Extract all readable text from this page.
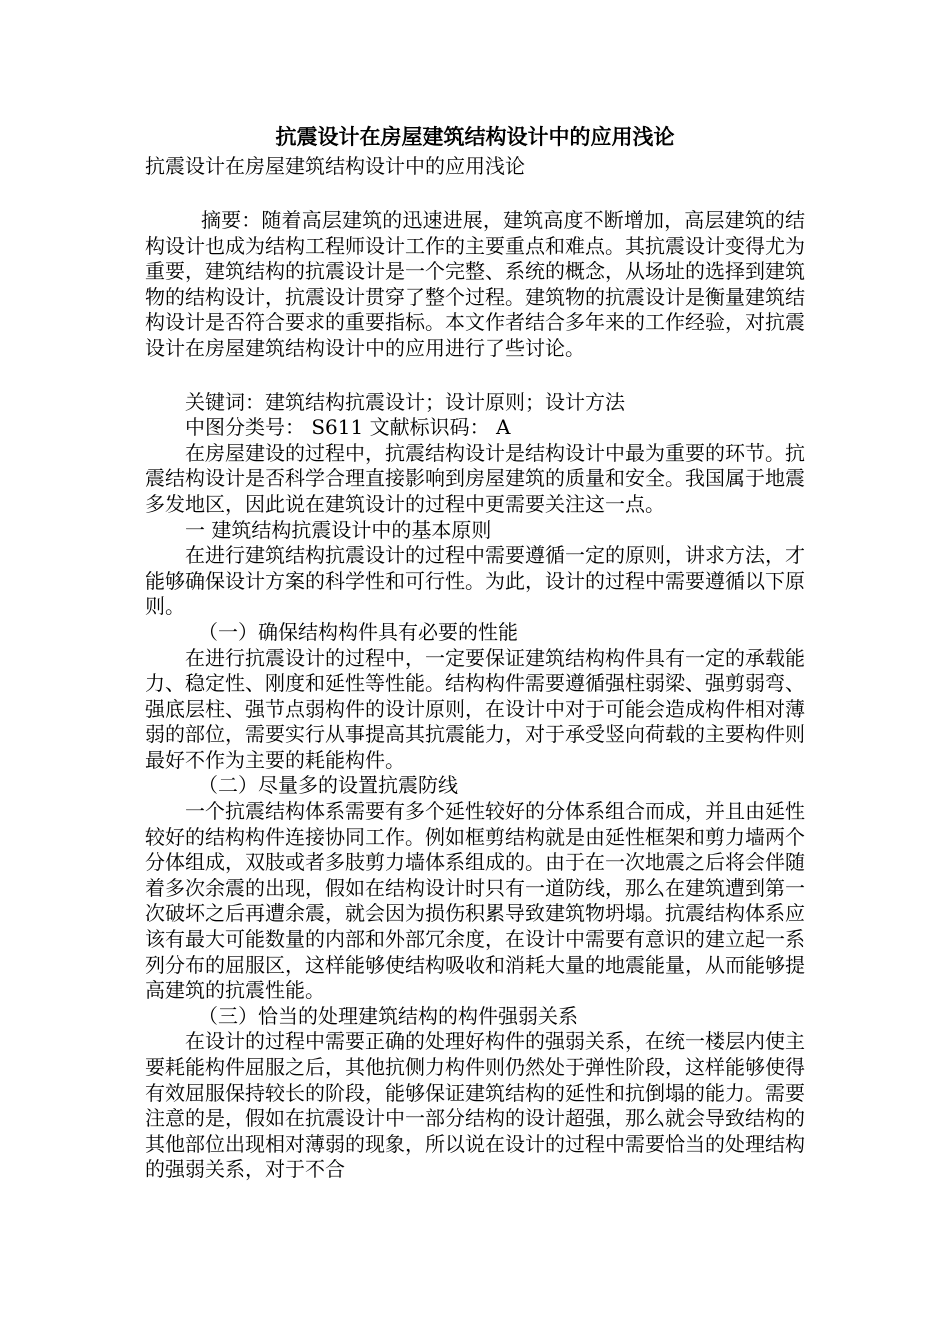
抗震设计在房屋建筑结构设计中的应用浅论

抗震设计在房屋建筑结构设计中的应用浅论

摘要：随着高层建筑的迅速进展，建筑高度不断增加，高层建筑的结构设计也成为结构工程师设计工作的主要重点和难点。其抗震设计变得尤为重要，建筑结构的抗震设计是一个完整、系统的概念，从场址的选择到建筑物的结构设计，抗震设计贯穿了整个过程。建筑物的抗震设计是衡量建筑结构设计是否符合要求的重要指标。本文作者结合多年来的工作经验，对抗震设计在房屋建筑结构设计中的应用进行了些讨论。

关键词：建筑结构抗震设计；设计原则；设计方法

中图分类号： S611 文献标识码： A

在房屋建设的过程中，抗震结构设计是结构设计中最为重要的环节。抗震结构设计是否科学合理直接影响到房屋建筑的质量和安全。我国属于地震多发地区，因此说在建筑设计的过程中更需要关注这一点。

一 建筑结构抗震设计中的基本原则

在进行建筑结构抗震设计的过程中需要遵循一定的原则，讲求方法，才能够确保设计方案的科学性和可行性。为此，设计的过程中需要遵循以下原则。

（一）确保结构构件具有必要的性能

在进行抗震设计的过程中，一定要保证建筑结构构件具有一定的承载能力、稳定性、刚度和延性等性能。结构构件需要遵循强柱弱梁、强剪弱弯、强底层柱、强节点弱构件的设计原则，在设计中对于可能会造成构件相对薄弱的部位，需要实行从事提高其抗震能力，对于承受竖向荷载的主要构件则最好不作为主要的耗能构件。

（二）尽量多的设置抗震防线

一个抗震结构体系需要有多个延性较好的分体系组合而成，并且由延性较好的结构构件连接协同工作。例如框剪结构就是由延性框架和剪力墙两个分体组成，双肢或者多肢剪力墙体系组成的。由于在一次地震之后将会伴随着多次余震的出现，假如在结构设计时只有一道防线，那么在建筑遭到第一次破坏之后再遭余震，就会因为损伤积累导致建筑物坍塌。抗震结构体系应该有最大可能数量的内部和外部冗余度，在设计中需要有意识的建立起一系列分布的屈服区，这样能够使结构吸收和消耗大量的地震能量，从而能够提高建筑的抗震性能。

（三）恰当的处理建筑结构的构件强弱关系

在设计的过程中需要正确的处理好构件的强弱关系，在统一楼层内使主要耗能构件屈服之后，其他抗侧力构件则仍然处于弹性阶段，这样能够使得有效屈服保持较长的阶段，能够保证建筑结构的延性和抗倒塌的能力。需要注意的是，假如在抗震设计中一部分结构的设计超强，那么就会导致结构的其他部位出现相对薄弱的现象，所以说在设计的过程中需要恰当的处理结构的强弱关系，对于不合
